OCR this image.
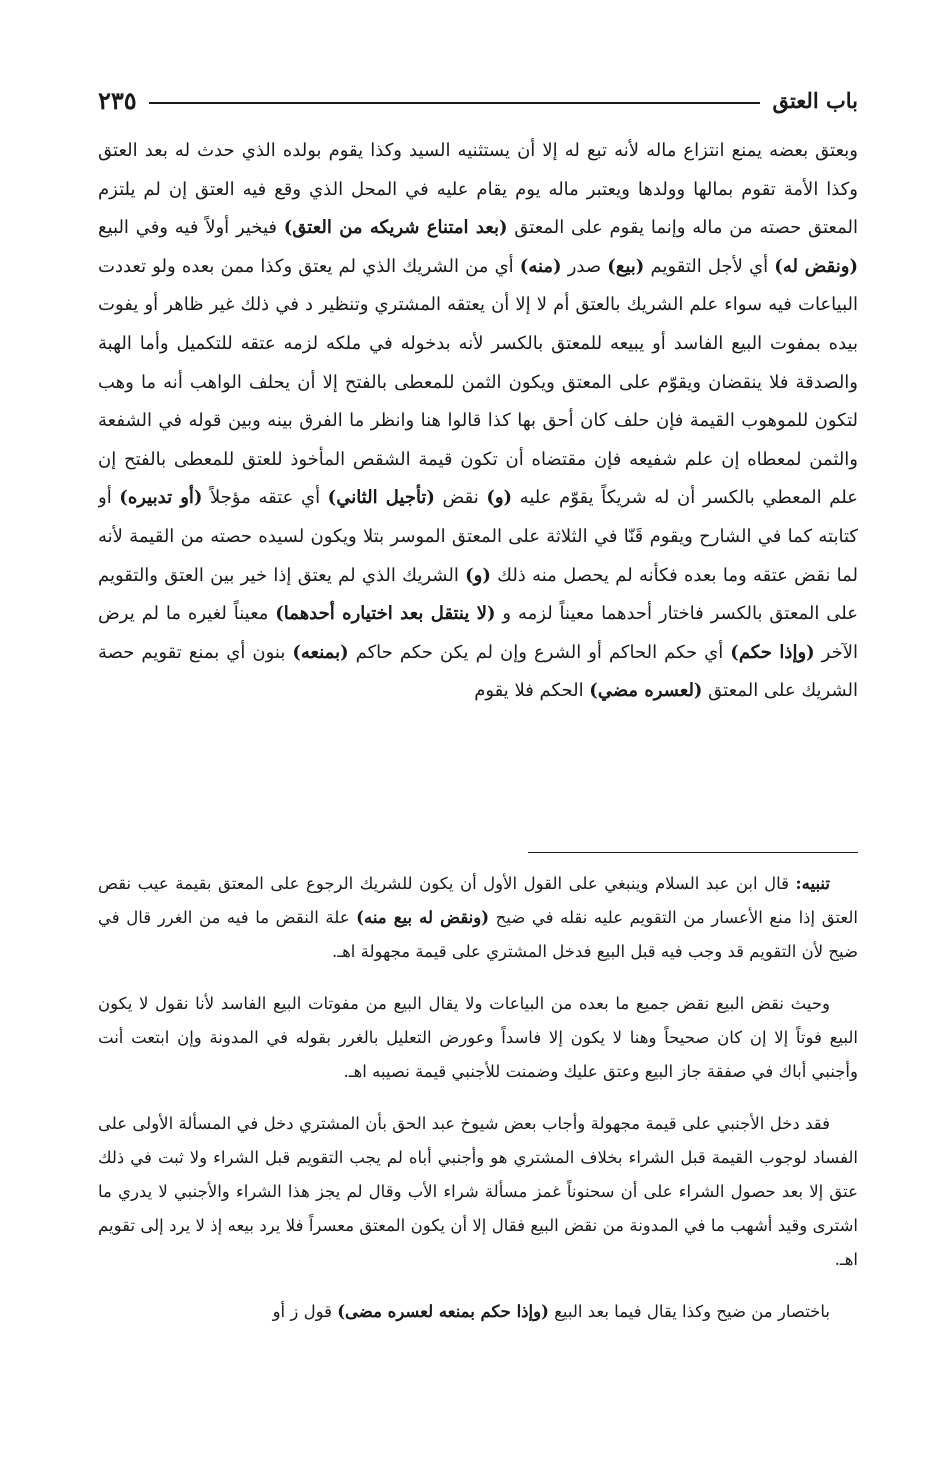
باب العتق
٢٣٥

وبعتق بعضه يمنع انتزاع ماله لأنه تبع له إلا أن يستثنيه السيد وكذا يقوم بولده الذي حدث له بعد العتق وكذا الأمة تقوم بمالها وولدها ويعتبر ماله يوم يقام عليه في المحل الذي وقع فيه العتق إن لم يلتزم المعتق حصته من ماله وإنما يقوم على المعتق (بعد امتناع شريكه من العتق) فيخير أولاً فيه وفي البيع (ونقض له) أي لأجل التقويم (بيع) صدر (منه) أي من الشريك الذي لم يعتق وكذا ممن بعده ولو تعددت البياعات فيه سواء علم الشريك بالعتق أم لا إلا أن يعتقه المشتري وتنظير د في ذلك غير ظاهر أو يفوت بيده بمفوت البيع الفاسد أو يبيعه للمعتق بالكسر لأنه بدخوله في ملكه لزمه عتقه للتكميل وأما الهبة والصدقة فلا ينقضان ويقوّم على المعتق ويكون الثمن للمعطى بالفتح إلا أن يحلف الواهب أنه ما وهب لتكون للموهوب القيمة فإن حلف كان أحق بها كذا قالوا هنا وانظر ما الفرق بينه وبين قوله في الشفعة والثمن لمعطاه إن علم شفيعه فإن مقتضاه أن تكون قيمة الشقص المأخوذ للعتق للمعطى بالفتح إن علم المعطي بالكسر أن له شريكاً يقوّم عليه (و) نقض (تأجيل الثاني) أي عتقه مؤجلاً (أو تدبيره) أو كتابته كما في الشارح ويقوم قَنّا في الثلاثة على المعتق الموسر بتلا ويكون لسيده حصته من القيمة لأنه لما نقض عتقه وما بعده فكأنه لم يحصل منه ذلك (و) الشريك الذي لم يعتق إذا خير بين العتق والتقويم على المعتق بالكسر فاختار أحدهما معيناً لزمه و (لا ينتقل بعد اختياره أحدهما) معيناً لغيره ما لم يرض الآخر (وإذا حكم) أي حكم الحاكم أو الشرع وإن لم يكن حكم حاكم (بمنعه) بنون أي بمنع تقويم حصة الشريك على المعتق (لعسره مضي) الحكم فلا يقوم

تنبيه: قال ابن عبد السلام وينبغي على القول الأول أن يكون للشريك الرجوع على المعتق بقيمة عيب نقص العتق إذا منع الأعسار من التقويم عليه نقله في ضيح (ونقض له بيع منه) علة النقض ما فيه من الغرر قال في ضيح لأن التقويم قد وجب فيه قبل البيع فدخل المشتري على قيمة مجهولة اهـ.

وحيث نقض البيع نقض جميع ما بعده من البياعات ولا يقال البيع من مفوتات البيع الفاسد لأنا نقول لا يكون البيع فوتاً إلا إن كان صحيحاً وهنا لا يكون إلا فاسداً وعورض التعليل بالغرر بقوله في المدونة وإن ابتعت أنت وأجنبي أباك في صفقة جاز البيع وعتق عليك وضمنت للأجنبي قيمة نصيبه اهـ.

فقد دخل الأجنبي على قيمة مجهولة وأجاب بعض شيوخ عبد الحق بأن المشتري دخل في المسألة الأولى على الفساد لوجوب القيمة قبل الشراء بخلاف المشتري هو وأجنبي أباه لم يجب التقويم قبل الشراء ولا ثبت في ذلك عتق إلا بعد حصول الشراء على أن سحنوناً غمز مسألة شراء الأب وقال لم يجز هذا الشراء والأجنبي لا يدري ما اشترى وقيد أشهب ما في المدونة من نقض البيع فقال إلا أن يكون المعتق معسراً فلا يرد بيعه إذ لا يرد إلى تقويم اهـ.

باختصار من ضيح وكذا يقال فيما بعد البيع (وإذا حكم بمنعه لعسره مضى) قول ز أو
